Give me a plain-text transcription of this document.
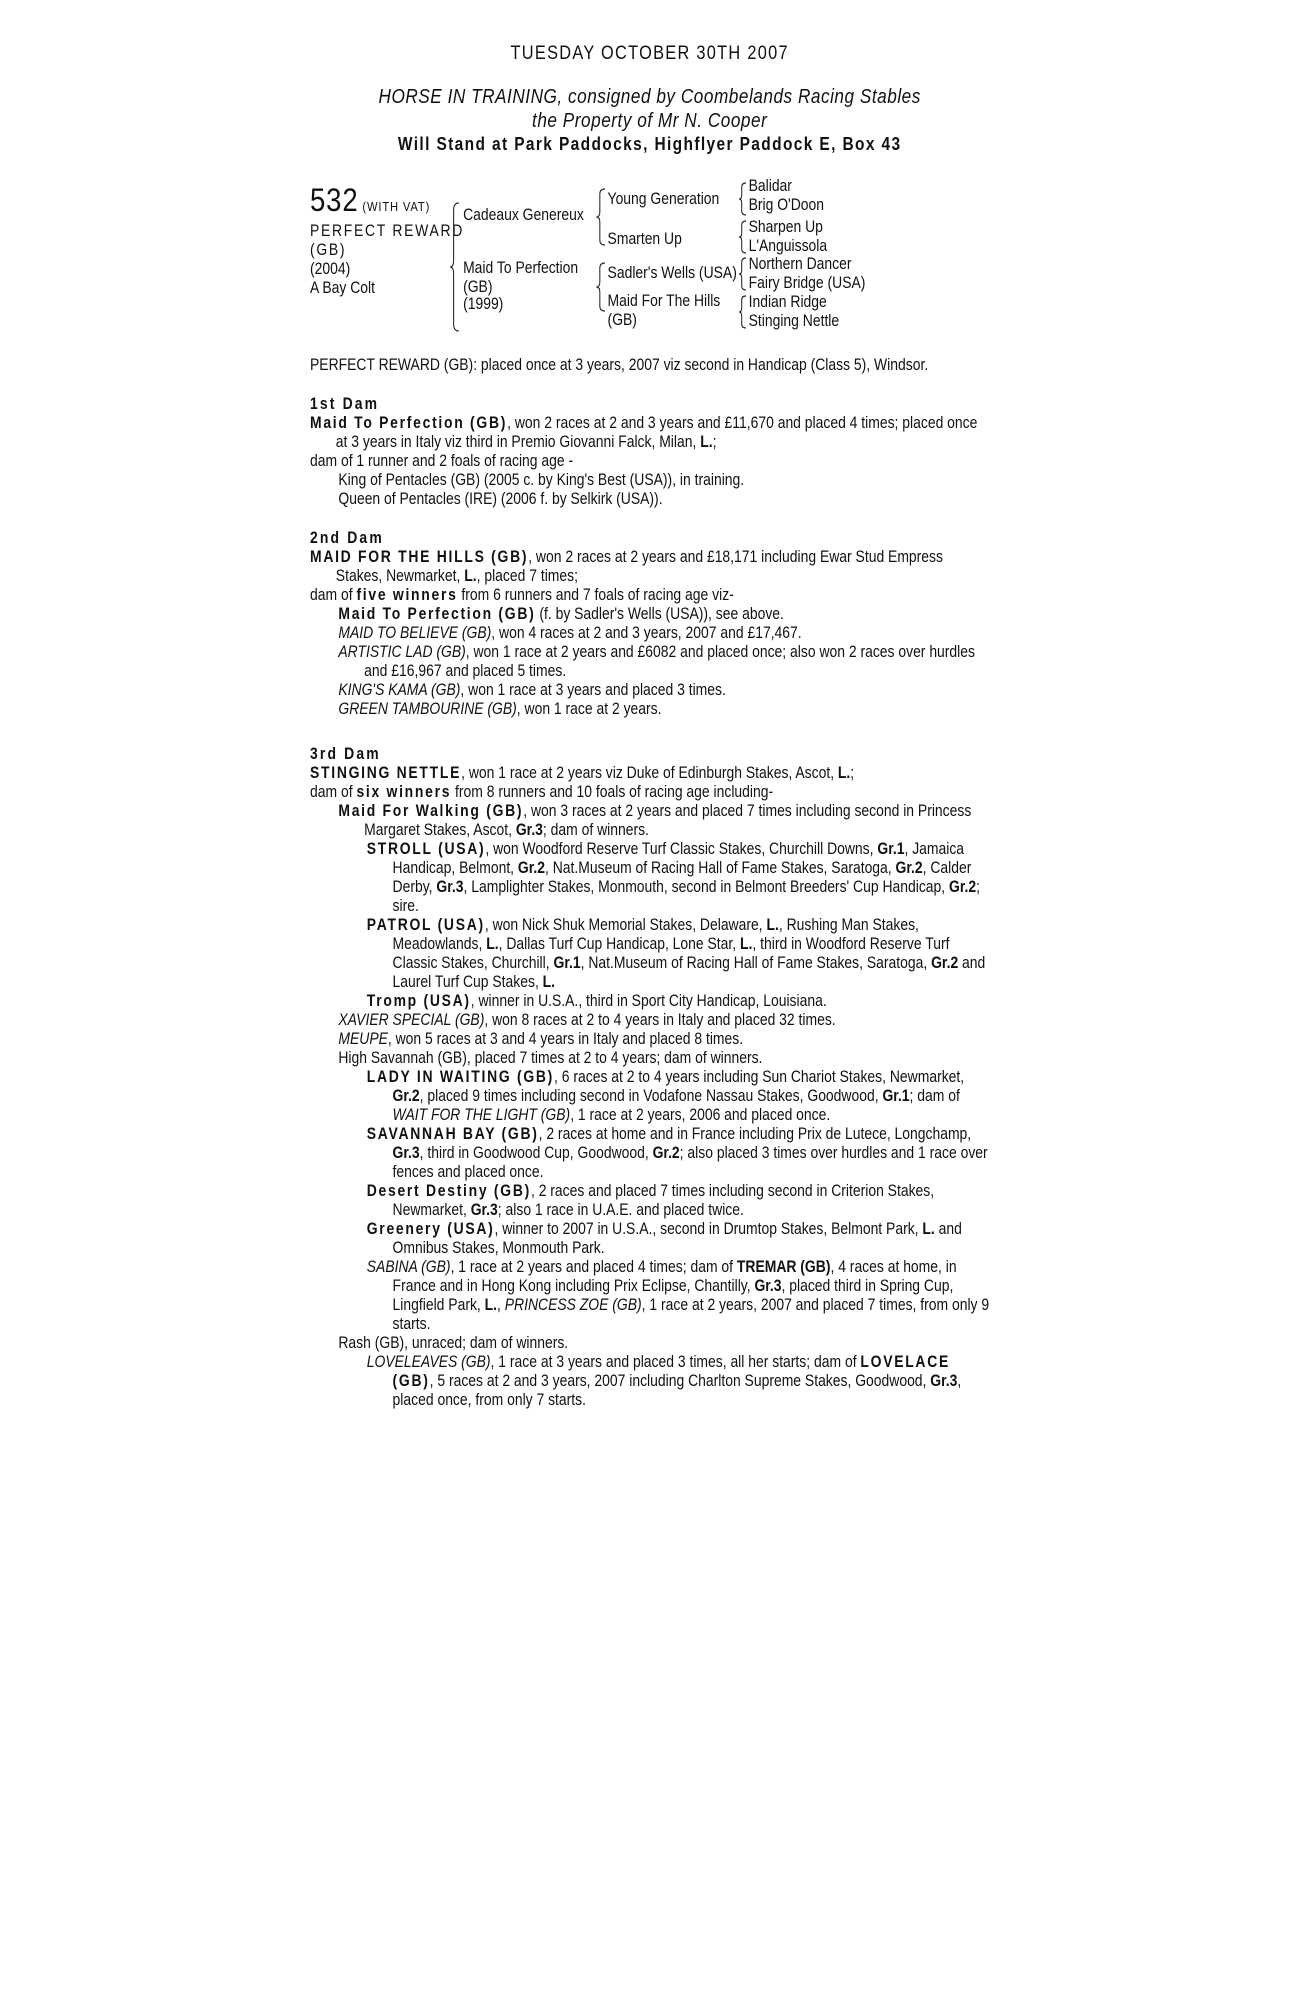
TUESDAY OCTOBER 30TH 2007
HORSE IN TRAINING, consigned by Coombelands Racing Stables
the Property of Mr N. Cooper
Will Stand at Park Paddocks, Highflyer Paddock E, Box 43
532 (WITH VAT)
PERFECT REWARD
(GB)
(2004)
A Bay Colt
Cadeaux Genereux
Maid To Perfection
(GB)
(1999)
Young Generation
Smarten Up
Sadler's Wells (USA)
Maid For The Hills
(GB)
Balidar
Brig O'Doon
Sharpen Up
L'Anguissola
Northern Dancer
Fairy Bridge (USA)
Indian Ridge
Stinging Nettle
PERFECT REWARD (GB): placed once at 3 years, 2007 viz second in Handicap (Class 5), Windsor.
1st Dam
Maid To Perfection (GB), won 2 races at 2 and 3 years and £11,670 and placed 4 times; placed once at 3 years in Italy viz third in Premio Giovanni Falck, Milan, L.;
dam of 1 runner and 2 foals of racing age -
King of Pentacles (GB) (2005 c. by King's Best (USA)), in training.
Queen of Pentacles (IRE) (2006 f. by Selkirk (USA)).
2nd Dam
MAID FOR THE HILLS (GB), won 2 races at 2 years and £18,171 including Ewar Stud Empress Stakes, Newmarket, L., placed 7 times;
dam of five winners from 6 runners and 7 foals of racing age viz-
Maid To Perfection (GB) (f. by Sadler's Wells (USA)), see above.
MAID TO BELIEVE (GB), won 4 races at 2 and 3 years, 2007 and £17,467.
ARTISTIC LAD (GB), won 1 race at 2 years and £6082 and placed once; also won 2 races over hurdles and £16,967 and placed 5 times.
KING'S KAMA (GB), won 1 race at 3 years and placed 3 times.
GREEN TAMBOURINE (GB), won 1 race at 2 years.
3rd Dam
STINGING NETTLE, won 1 race at 2 years viz Duke of Edinburgh Stakes, Ascot, L.;
dam of six winners from 8 runners and 10 foals of racing age including-
Maid For Walking (GB), won 3 races at 2 years and placed 7 times including second in Princess Margaret Stakes, Ascot, Gr.3; dam of winners.
STROLL (USA), won Woodford Reserve Turf Classic Stakes, Churchill Downs, Gr.1, Jamaica Handicap, Belmont, Gr.2, Nat.Museum of Racing Hall of Fame Stakes, Saratoga, Gr.2, Calder Derby, Gr.3, Lamplighter Stakes, Monmouth, second in Belmont Breeders' Cup Handicap, Gr.2; sire.
PATROL (USA), won Nick Shuk Memorial Stakes, Delaware, L., Rushing Man Stakes, Meadowlands, L., Dallas Turf Cup Handicap, Lone Star, L., third in Woodford Reserve Turf Classic Stakes, Churchill, Gr.1, Nat.Museum of Racing Hall of Fame Stakes, Saratoga, Gr.2 and Laurel Turf Cup Stakes, L.
Tromp (USA), winner in U.S.A., third in Sport City Handicap, Louisiana.
XAVIER SPECIAL (GB), won 8 races at 2 to 4 years in Italy and placed 32 times.
MEUPE, won 5 races at 3 and 4 years in Italy and placed 8 times.
High Savannah (GB), placed 7 times at 2 to 4 years; dam of winners.
LADY IN WAITING (GB), 6 races at 2 to 4 years including Sun Chariot Stakes, Newmarket, Gr.2, placed 9 times including second in Vodafone Nassau Stakes, Goodwood, Gr.1; dam of WAIT FOR THE LIGHT (GB), 1 race at 2 years, 2006 and placed once.
SAVANNAH BAY (GB), 2 races at home and in France including Prix de Lutece, Longchamp, Gr.3, third in Goodwood Cup, Goodwood, Gr.2; also placed 3 times over hurdles and 1 race over fences and placed once.
Desert Destiny (GB), 2 races and placed 7 times including second in Criterion Stakes, Newmarket, Gr.3; also 1 race in U.A.E. and placed twice.
Greenery (USA), winner to 2007 in U.S.A., second in Drumtop Stakes, Belmont Park, L. and Omnibus Stakes, Monmouth Park.
SABINA (GB), 1 race at 2 years and placed 4 times; dam of TREMAR (GB), 4 races at home, in France and in Hong Kong including Prix Eclipse, Chantilly, Gr.3, placed third in Spring Cup, Lingfield Park, L., PRINCESS ZOE (GB), 1 race at 2 years, 2007 and placed 7 times, from only 9 starts.
Rash (GB), unraced; dam of winners.
LOVELEAVES (GB), 1 race at 3 years and placed 3 times, all her starts; dam of LOVELACE (GB), 5 races at 2 and 3 years, 2007 including Charlton Supreme Stakes, Goodwood, Gr.3, placed once, from only 7 starts.
